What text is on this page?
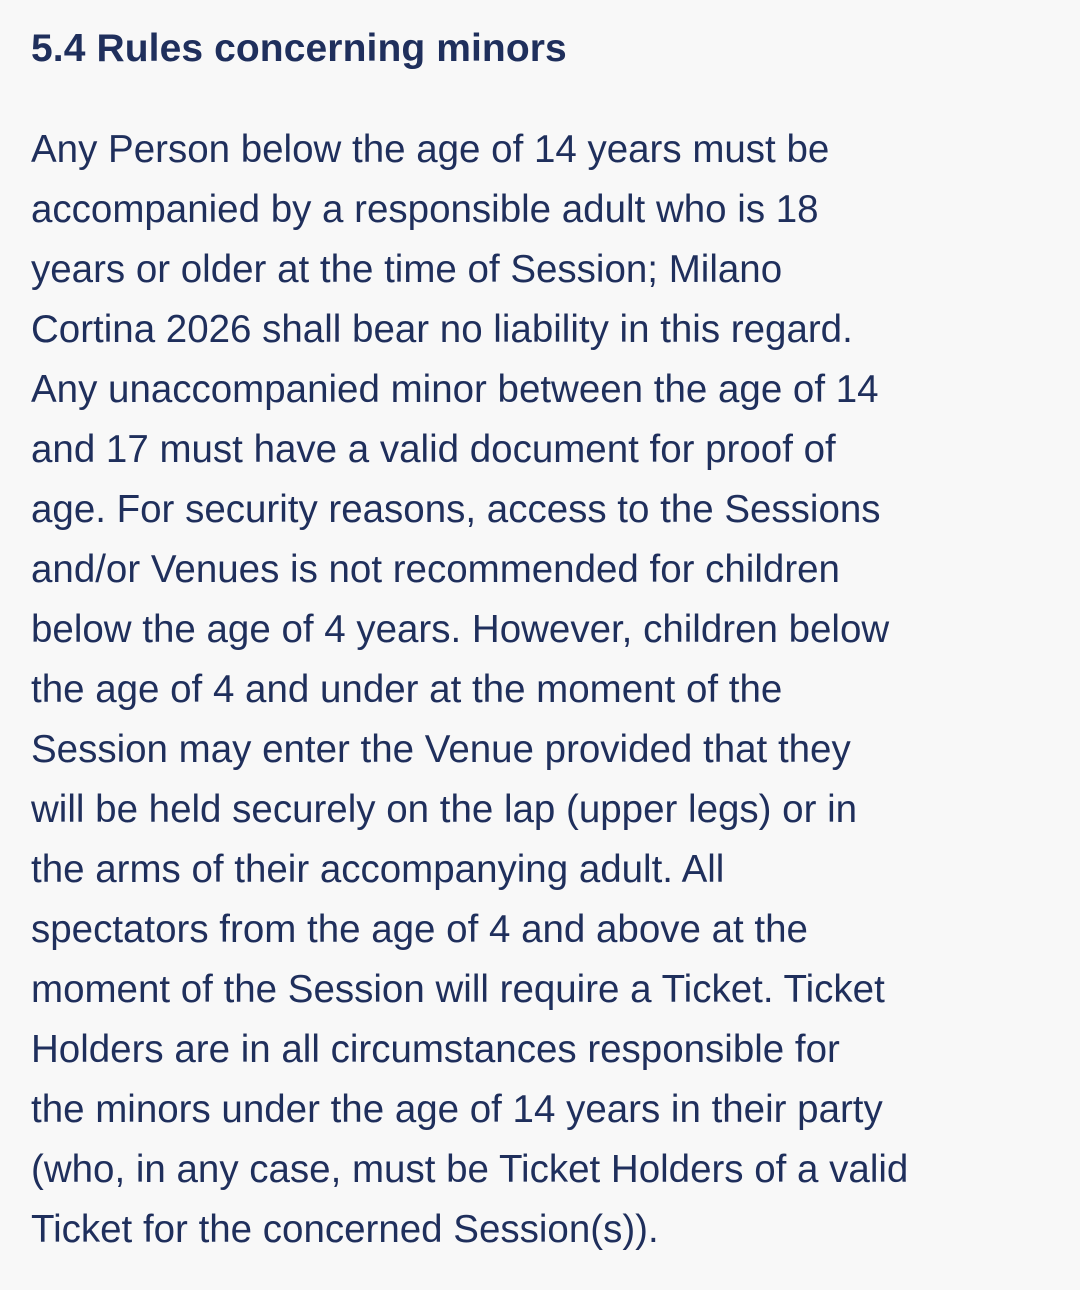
5.4 Rules concerning minors
Any Person below the age of 14 years must be
accompanied by a responsible adult who is 18
years or older at the time of Session; Milano
Cortina 2026 shall bear no liability in this regard.
Any unaccompanied minor between the age of 14
and 17 must have a valid document for proof of
age. For security reasons, access to the Sessions
and/or Venues is not recommended for children
below the age of 4 years. However, children below
the age of 4 and under at the moment of the
Session may enter the Venue provided that they
will be held securely on the lap (upper legs) or in
the arms of their accompanying adult. All
spectators from the age of 4 and above at the
moment of the Session will require a Ticket. Ticket
Holders are in all circumstances responsible for
the minors under the age of 14 years in their party
(who, in any case, must be Ticket Holders of a valid
Ticket for the concerned Session(s)).
